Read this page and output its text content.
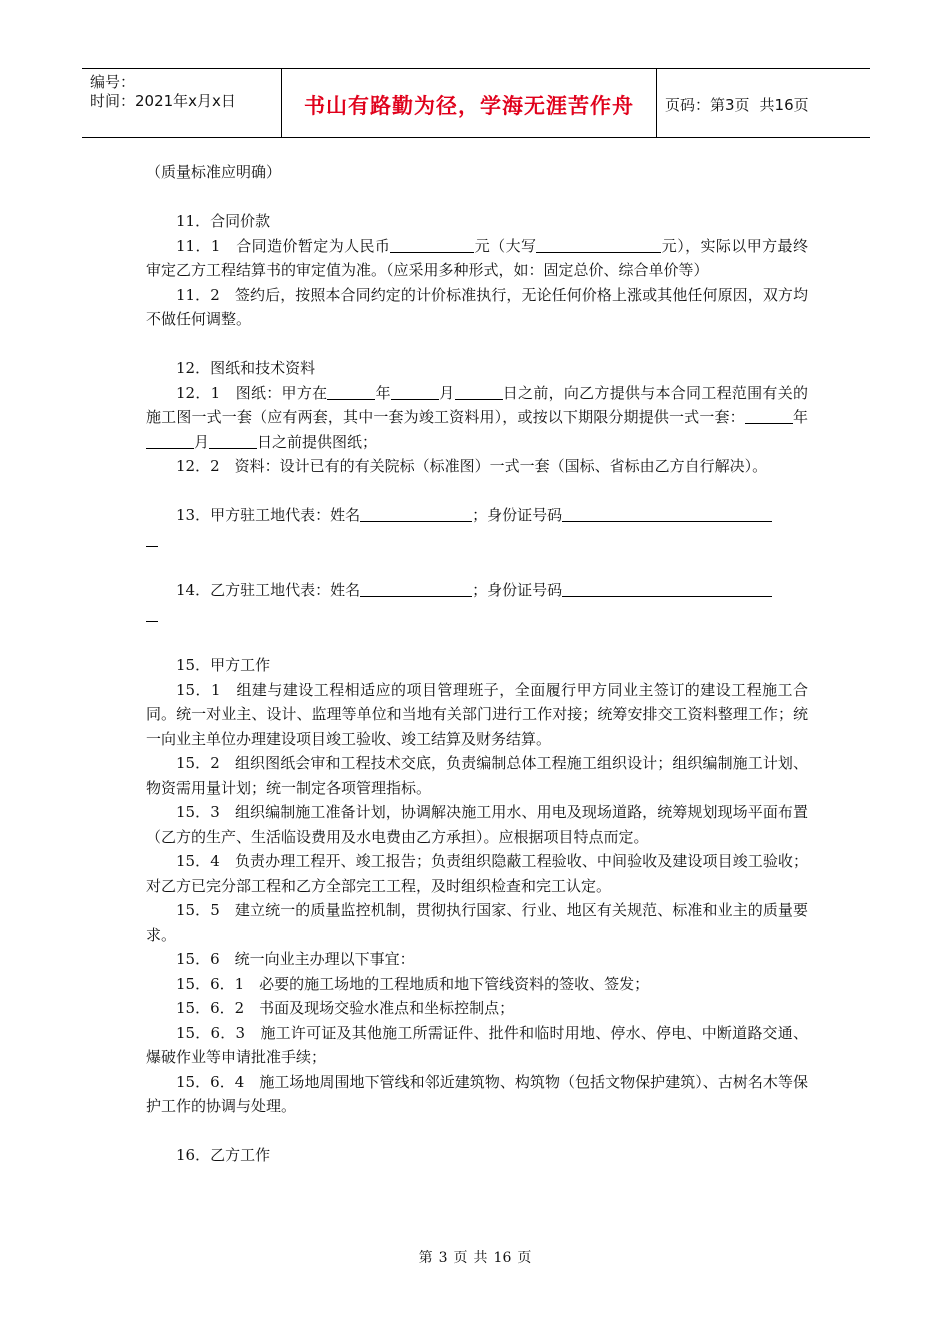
编号：
时间：2021年x月x日	书山有路勤为径，学海无涯苦作舟 页码：第3页 共16页

（质量标准应明确）

11．合同价款

11．1　合同造价暂定为人民币	元（大写	元），实际以甲方最终审定乙方工程结算书的审定值为准。（应采用多种形式，如：固定总价、综合单价等）

11．2　签约后，按照本合同约定的计价标准执行，无论任何价格上涨或其他任何原因，双方均不做任何调整。

12．图纸和技术资料

12．1　图纸：甲方在	年	月	日之前，向乙方提供与本合同工程范围有关的施工图一式一套（应有两套，其中一套为竣工资料用），或按以下期限分期提供一式一套：	年月	日之前提供图纸；

12．2　资料：设计已有的有关院标（标准图）一式一套（国标、省标由乙方自行解决）。

13．甲方驻工地代表：姓名	；身份证号码

14．乙方驻工地代表：姓名	；身份证号码

15．甲方工作

15．1　组建与建设工程相适应的项目管理班子，全面履行甲方同业主签订的建设工程施工合同。统一对业主、设计、监理等单位和当地有关部门进行工作对接；统筹安排交工资料整理工作；统一向业主单位办理建设项目竣工验收、竣工结算及财务结算。

15．2　组织图纸会审和工程技术交底，负责编制总体工程施工组织设计；组织编制施工计划、物资需用量计划；统一制定各项管理指标。

15．3　组织编制施工准备计划，协调解决施工用水、用电及现场道路，统筹规划现场平面布置（乙方的生产、生活临设费用及水电费由乙方承担）。应根据项目特点而定。

15．4　负责办理工程开、竣工报告；负责组织隐蔽工程验收、中间验收及建设项目竣工验收；对乙方已完分部工程和乙方全部完工工程，及时组织检查和完工认定。

15．5　建立统一的质量监控机制，贯彻执行国家、行业、地区有关规范、标准和业主的质量要求。

15．6　统一向业主办理以下事宜：

15．6．1　必要的施工场地的工程地质和地下管线资料的签收、签发；

15．6．2　书面及现场交验水准点和坐标控制点；

15．6．3　施工许可证及其他施工所需证件、批件和临时用地、停水、停电、中断道路交通、爆破作业等申请批准手续；

15．6．4　施工场地周围地下管线和邻近建筑物、构筑物（包括文物保护建筑）、古树名木等保护工作的协调与处理。

16．乙方工作

第 3 页 共 16 页
